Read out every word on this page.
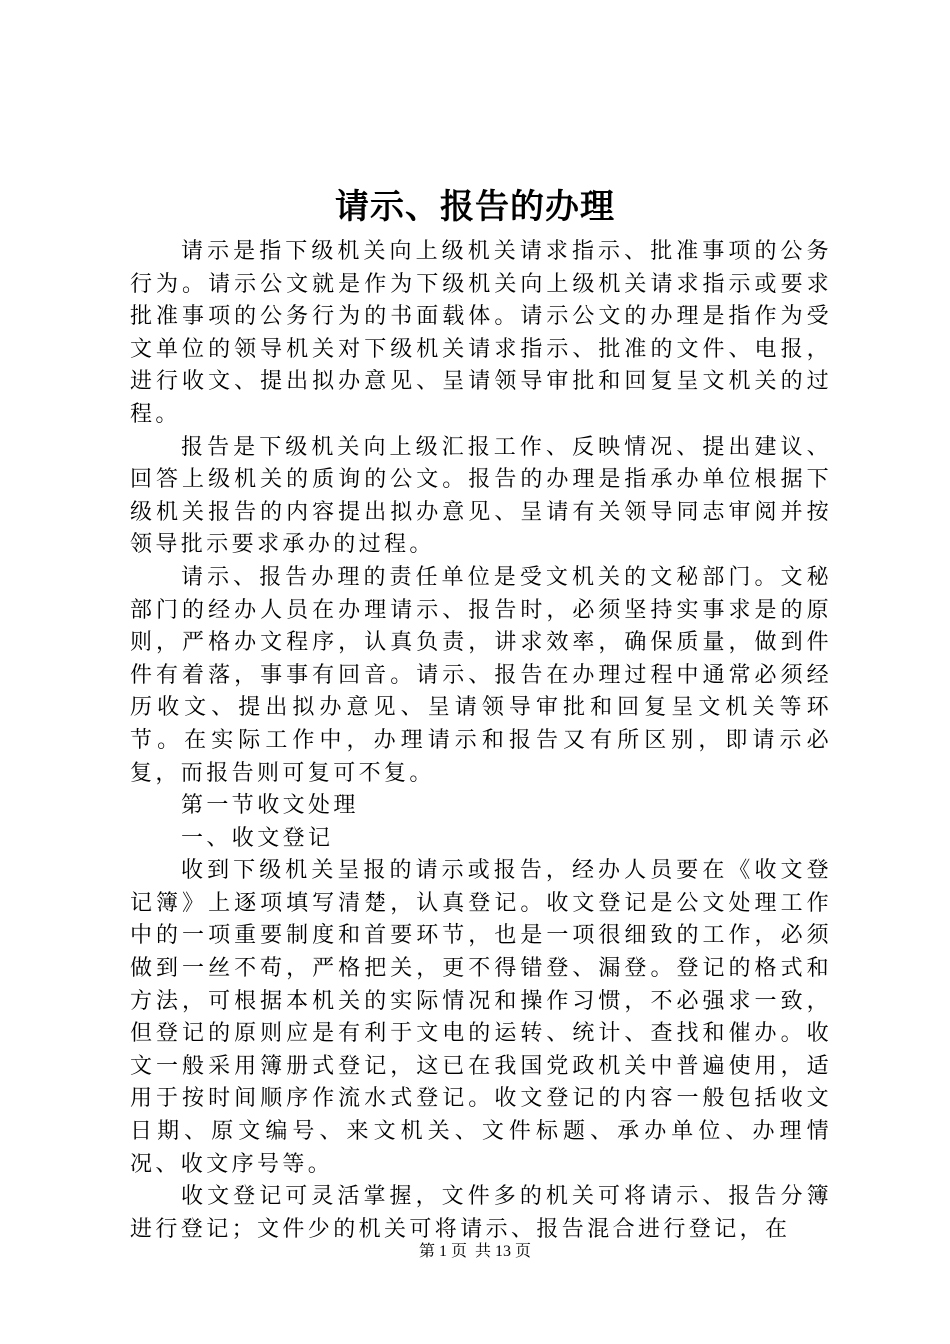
请示、报告的办理

请示是指下级机关向上级机关请求指示、批准事项的公务行为。请示公文就是作为下级机关向上级机关请求指示或要求批准事项的公务行为的书面载体。请示公文的办理是指作为受文单位的领导机关对下级机关请求指示、批准的文件、电报，进行收文、提出拟办意见、呈请领导审批和回复呈文机关的过程。

报告是下级机关向上级汇报工作、反映情况、提出建议、回答上级机关的质询的公文。报告的办理是指承办单位根据下级机关报告的内容提出拟办意见、呈请有关领导同志审阅并按领导批示要求承办的过程。

请示、报告办理的责任单位是受文机关的文秘部门。文秘部门的经办人员在办理请示、报告时，必须坚持实事求是的原则，严格办文程序，认真负责，讲求效率，确保质量，做到件件有着落，事事有回音。请示、报告在办理过程中通常必须经历收文、提出拟办意见、呈请领导审批和回复呈文机关等环节。在实际工作中，办理请示和报告又有所区别，即请示必复，而报告则可复可不复。

第一节收文处理

一、收文登记

收到下级机关呈报的请示或报告，经办人员要在《收文登记簿》上逐项填写清楚，认真登记。收文登记是公文处理工作中的一项重要制度和首要环节，也是一项很细致的工作，必须做到一丝不苟，严格把关，更不得错登、漏登。登记的格式和方法，可根据本机关的实际情况和操作习惯，不必强求一致，但登记的原则应是有利于文电的运转、统计、查找和催办。收文一般采用簿册式登记，这已在我国党政机关中普遍使用，适用于按时间顺序作流水式登记。收文登记的内容一般包括收文日期、原文编号、来文机关、文件标题、承办单位、办理情况、收文序号等。

收文登记可灵活掌握，文件多的机关可将请示、报告分簿进行登记；文件少的机关可将请示、报告混合进行登记，在

第 1 页  共 13 页
